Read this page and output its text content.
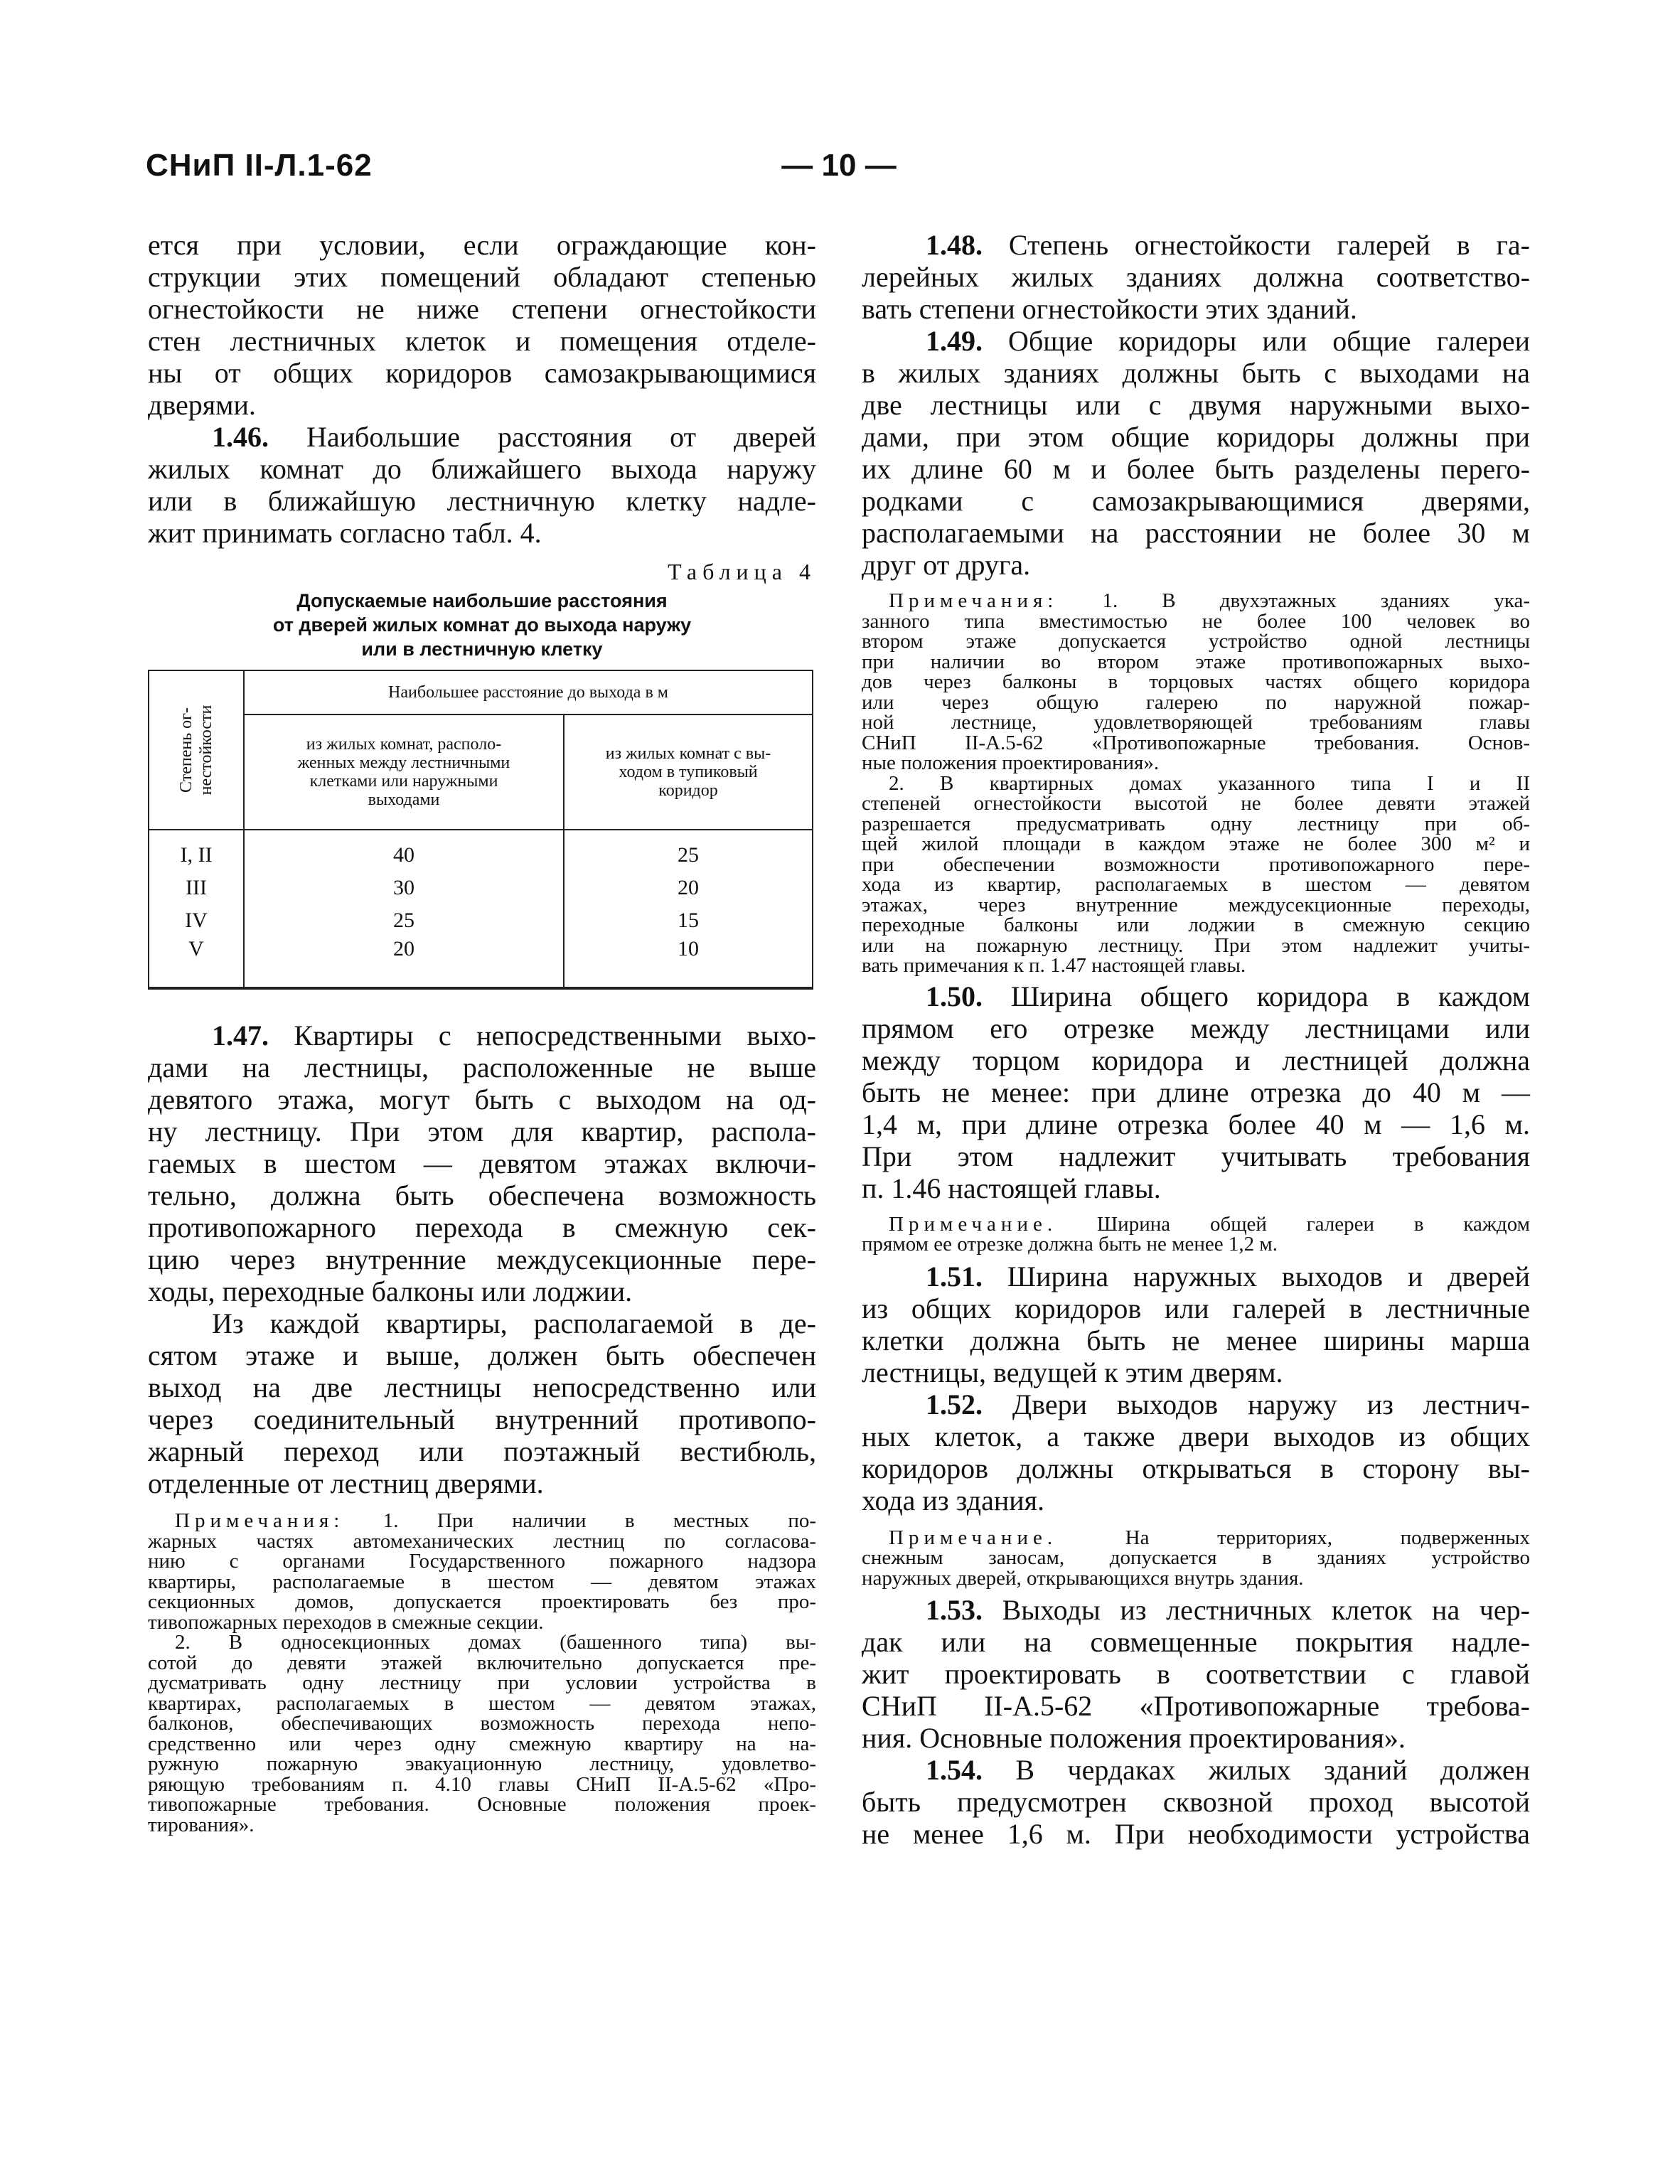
СНиП II-Л.1-62	— 10 —
ется при условии, если ограждающие кон-
струкции этих помещений обладают степенью
огнестойкости не ниже степени огнестойкости
стен лестничных клеток и помещения отделе-
ны от общих коридоров самозакрывающимися
дверями.
1.46. Наибольшие расстояния от дверей
жилых комнат до ближайшего выхода наружу
или в ближайшую лестничную клетку надле-
жит принимать согласно табл. 4.
Таблица 4
Допускаемые наибольшие расстояния
от дверей жилых комнат до выхода наружу
или в лестничную клетку
Степень ог-
нестойкости	Наибольшее расстояние до выхода в м	
	из жилых комнат, располо-
женных между лестничными
клетками или наружными
выходами	из жилых комнат с вы-
ходом в тупиковый
коридор
I, II	40	25
III	30	20
IV	25	15
V	20	10
1.47. Квартиры с непосредственными выхо-
дами на лестницы, расположенные не выше
девятого этажа, могут быть с выходом на од-
ну лестницу. При этом для квартир, распола-
гаемых в шестом — девятом этажах включи-
тельно, должна быть обеспечена возможность
противопожарного перехода в смежную сек-
цию через внутренние междусекционные пере-
ходы, переходные балконы или лоджии.
Из каждой квартиры, располагаемой в де-
сятом этаже и выше, должен быть обеспечен
выход на две лестницы непосредственно или
через соединительный внутренний противопо-
жарный переход или поэтажный вестибюль,
отделенные от лестниц дверями.
Примечания: 1. При наличии в местных по-
жарных частях автомеханических лестниц по согласова-
нию с органами Государственного пожарного надзора
квартиры, располагаемые в шестом — девятом этажах
секционных домов, допускается проектировать без про-
тивопожарных переходов в смежные секции.
2. В односекционных домах (башенного типа) вы-
сотой до девяти этажей включительно допускается пре-
дусматривать одну лестницу при условии устройства в
квартирах, располагаемых в шестом — девятом этажах,
балконов, обеспечивающих возможность перехода непо-
средственно или через одну смежную квартиру на на-
ружную пожарную эвакуационную лестницу, удовлетво-
ряющую требованиям п. 4.10 главы СНиП II-А.5-62 «Про-
тивопожарные требования. Основные положения проек-
тирования».
1.48. Степень огнестойкости галерей в га-
лерейных жилых зданиях должна соответство-
вать степени огнестойкости этих зданий.
1.49. Общие коридоры или общие галереи
в жилых зданиях должны быть с выходами на
две лестницы или с двумя наружными выхо-
дами, при этом общие коридоры должны при
их длине 60 м и более быть разделены перего-
родками с самозакрывающимися дверями,
располагаемыми на расстоянии не более 30 м
друг от друга.
Примечания: 1. В двухэтажных зданиях ука-
занного типа вместимостью не более 100 человек во
втором этаже допускается устройство одной лестницы
при наличии во втором этаже противопожарных выхо-
дов через балконы в торцовых частях общего коридора
или через общую галерею по наружной пожар-
ной лестнице, удовлетворяющей требованиям главы
СНиП II-А.5-62 «Противопожарные требования. Основ-
ные положения проектирования».
2. В квартирных домах указанного типа I и II
степеней огнестойкости высотой не более девяти этажей
разрешается предусматривать одну лестницу при об-
щей жилой площади в каждом этаже не более 300 м² и
при обеспечении возможности противопожарного пере-
хода из квартир, располагаемых в шестом — девятом
этажах, через внутренние междусекционные переходы,
переходные балконы или лоджии в смежную секцию
или на пожарную лестницу. При этом надлежит учиты-
вать примечания к п. 1.47 настоящей главы.
1.50. Ширина общего коридора в каждом
прямом его отрезке между лестницами или
между торцом коридора и лестницей должна
быть не менее: при длине отрезка до 40 м —
1,4 м, при длине отрезка более 40 м — 1,6 м.
При этом надлежит учитывать требования
п. 1.46 настоящей главы.
Примечание. Ширина общей галереи в каждом
прямом ее отрезке должна быть не менее 1,2 м.
1.51. Ширина наружных выходов и дверей
из общих коридоров или галерей в лестничные
клетки должна быть не менее ширины марша
лестницы, ведущей к этим дверям.
1.52. Двери выходов наружу из лестнич-
ных клеток, а также двери выходов из общих
коридоров должны открываться в сторону вы-
хода из здания.
Примечание. На территориях, подверженных
снежным заносам, допускается в зданиях устройство
наружных дверей, открывающихся внутрь здания.
1.53. Выходы из лестничных клеток на чер-
дак или на совмещенные покрытия надле-
жит проектировать в соответствии с главой
СНиП II-А.5-62 «Противопожарные требова-
ния. Основные положения проектирования».
1.54. В чердаках жилых зданий должен
быть предусмотрен сквозной проход высотой
не менее 1,6 м. При необходимости устройства
